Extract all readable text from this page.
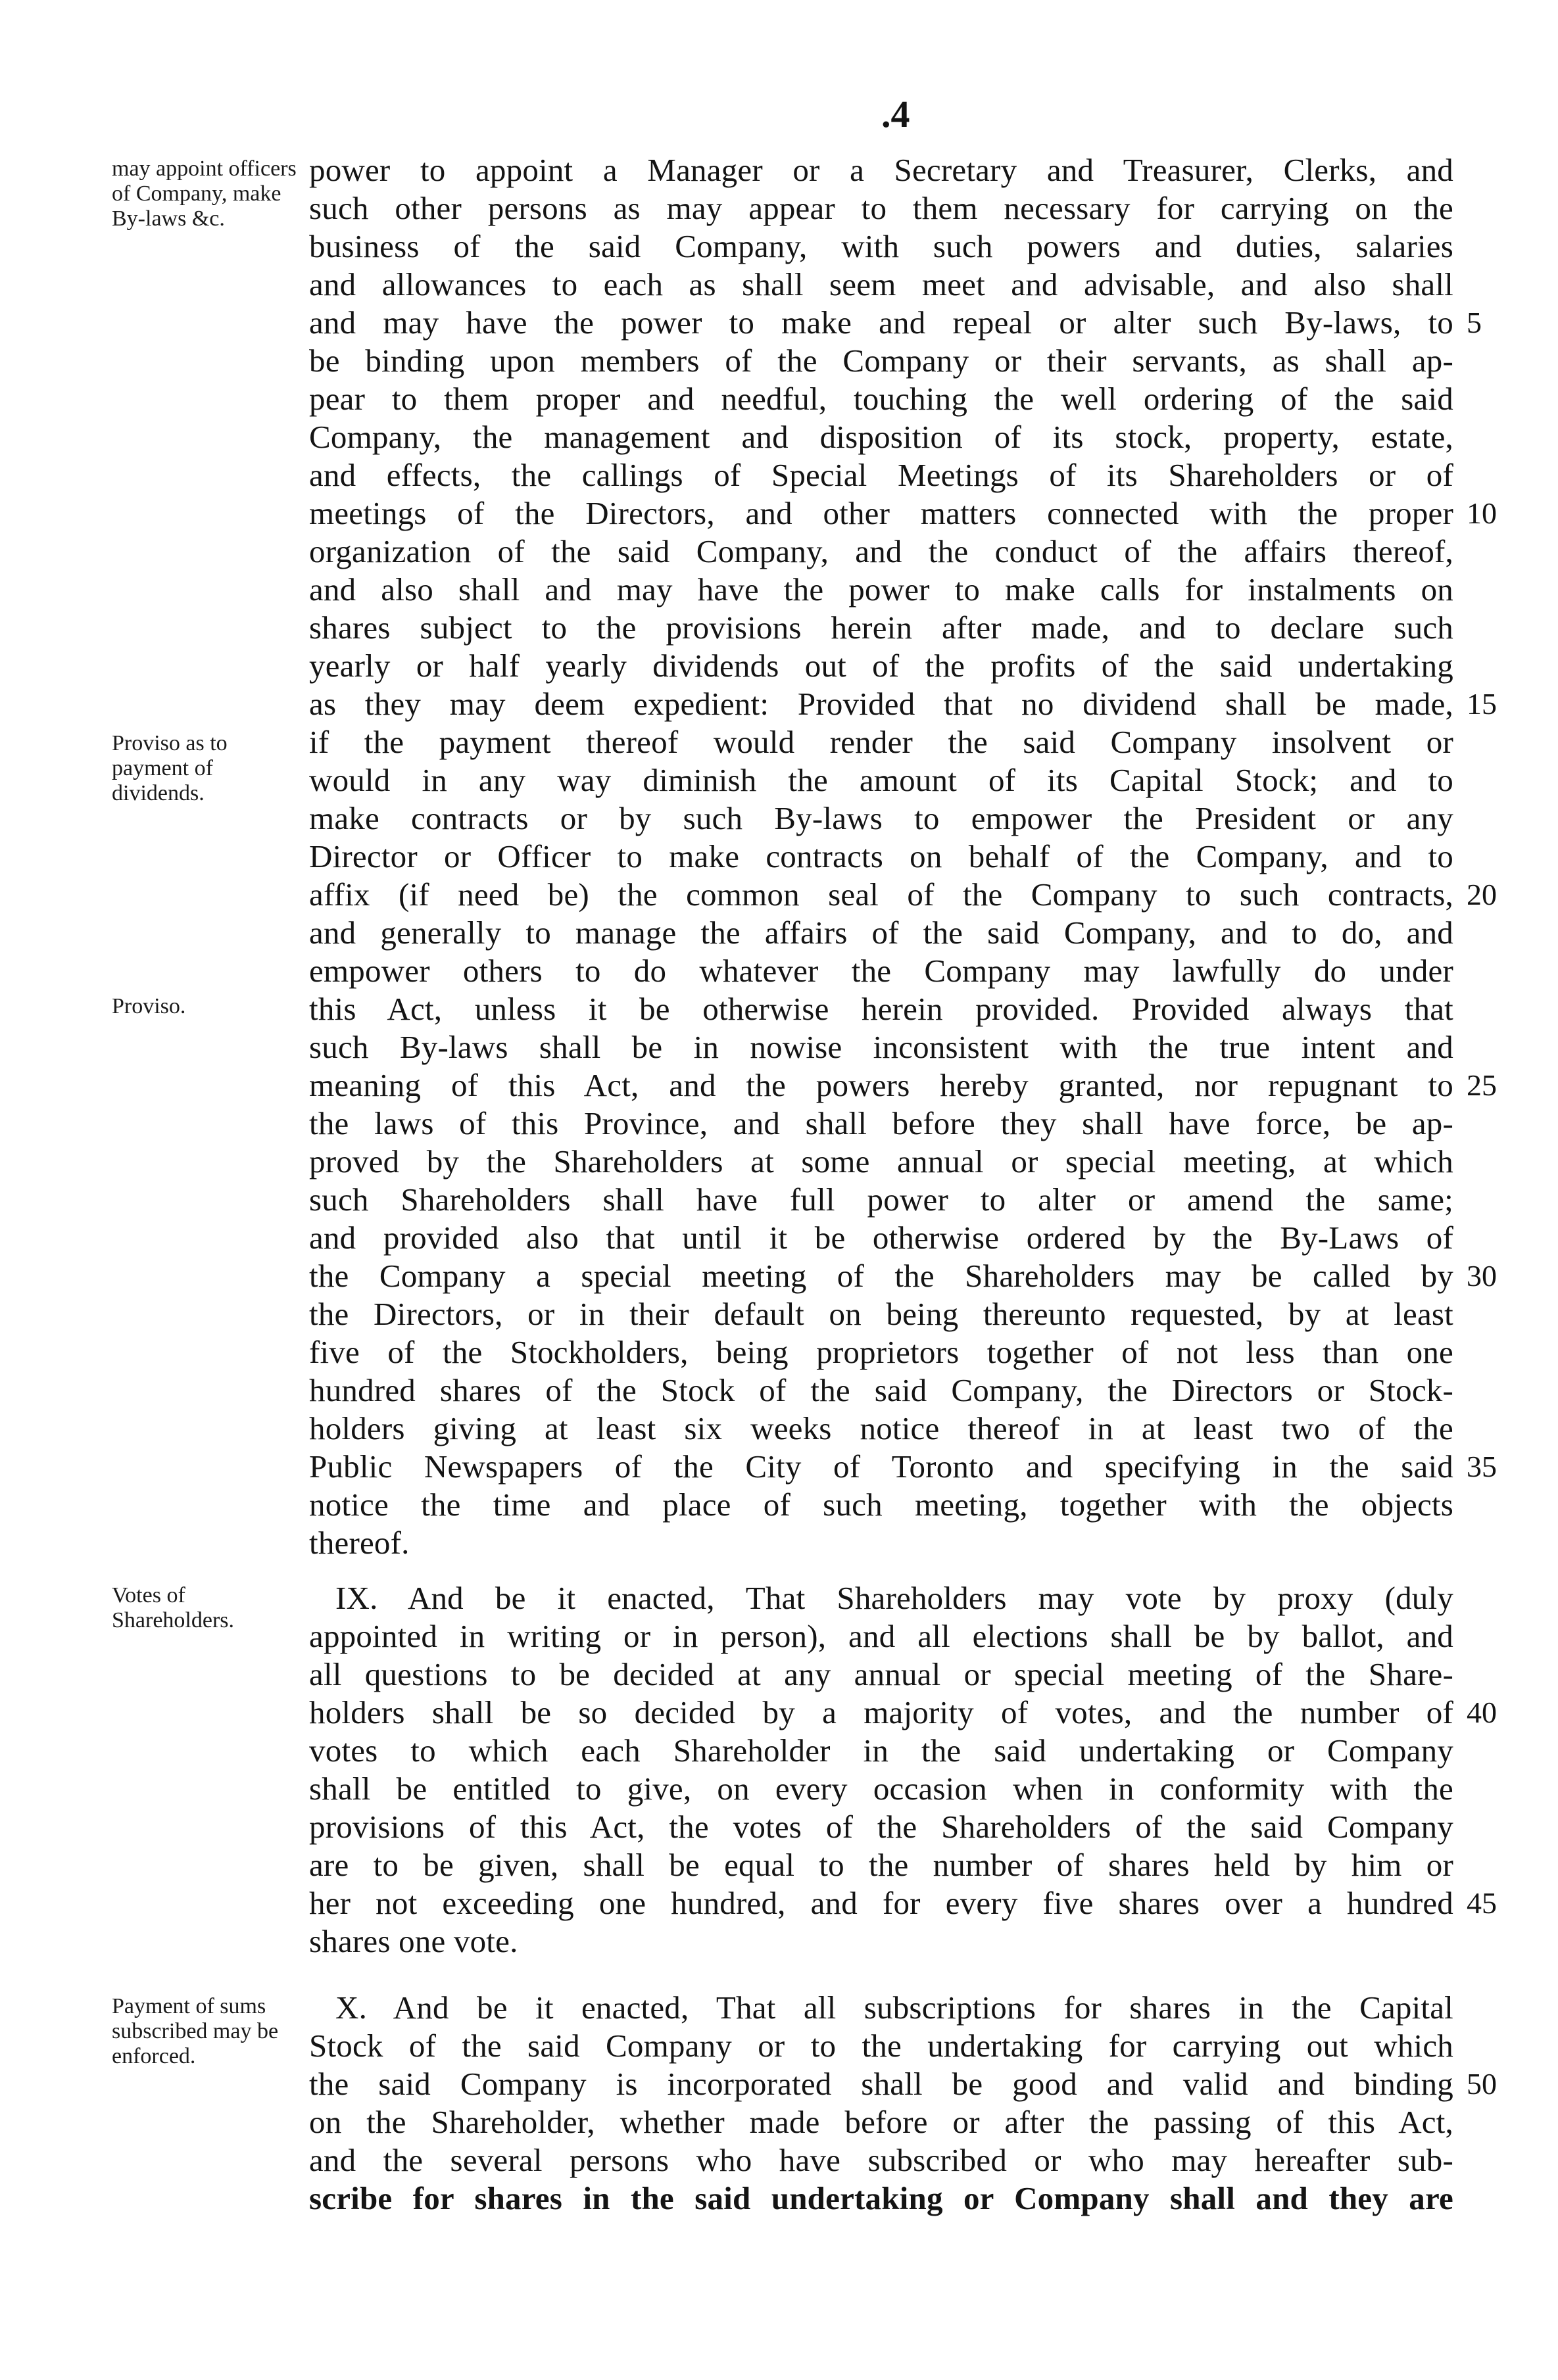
.4
may appoint officers of Company, make By-laws &c.
Proviso as to payment of dividends.
Proviso.
Votes of Shareholders.
Payment of sums subscribed may be enforced.
power to appoint a Manager or a Secretary and Treasurer, Clerks, and
such other persons as may appear to them necessary for carrying on the
business of the said Company, with such powers and duties, salaries
and allowances to each as shall seem meet and advisable, and also shall
and may have the power to make and repeal or alter such By-laws, to
be binding upon members of the Company or their servants, as shall ap-
pear to them proper and needful, touching the well ordering of the said
Company, the management and disposition of its stock, property, estate,
and effects, the callings of Special Meetings of its Shareholders or of
meetings of the Directors, and other matters connected with the proper
organization of the said Company, and the conduct of the affairs thereof,
and also shall and may have the power to make calls for instalments on
shares subject to the provisions herein after made, and to declare such
yearly or half yearly dividends out of the profits of the said undertaking
as they may deem expedient: Provided that no dividend shall be made,
if the payment thereof would render the said Company insolvent or
would in any way diminish the amount of its Capital Stock; and to
make contracts or by such By-laws to empower the President or any
Director or Officer to make contracts on behalf of the Company, and to
affix (if need be) the common seal of the Company to such contracts,
and generally to manage the affairs of the said Company, and to do, and
empower others to do whatever the Company may lawfully do under
this Act, unless it be otherwise herein provided. Provided always that
such By-laws shall be in nowise inconsistent with the true intent and
meaning of this Act, and the powers hereby granted, nor repugnant to
the laws of this Province, and shall before they shall have force, be ap-
proved by the Shareholders at some annual or special meeting, at which
such Shareholders shall have full power to alter or amend the same;
and provided also that until it be otherwise ordered by the By-Laws of
the Company a special meeting of the Shareholders may be called by
the Directors, or in their default on being thereunto requested, by at least
five of the Stockholders, being proprietors together of not less than one
hundred shares of the Stock of the said Company, the Directors or Stock-
holders giving at least six weeks notice thereof in at least two of the
Public Newspapers of the City of Toronto and specifying in the said
notice the time and place of such meeting, together with the objects
thereof.
IX. And be it enacted, That Shareholders may vote by proxy (duly
appointed in writing or in person), and all elections shall be by ballot, and
all questions to be decided at any annual or special meeting of the Share-
holders shall be so decided by a majority of votes, and the number of
votes to which each Shareholder in the said undertaking or Company
shall be entitled to give, on every occasion when in conformity with the
provisions of this Act, the votes of the Shareholders of the said Company
are to be given, shall be equal to the number of shares held by him or
her not exceeding one hundred, and for every five shares over a hundred
shares one vote.
X. And be it enacted, That all subscriptions for shares in the Capital
Stock of the said Company or to the undertaking for carrying out which
the said Company is incorporated shall be good and valid and binding
on the Shareholder, whether made before or after the passing of this Act,
and the several persons who have subscribed or who may hereafter sub-
scribe for shares in the said undertaking or Company shall and they are
5
10
15
20
25
30
35
40
45
50
